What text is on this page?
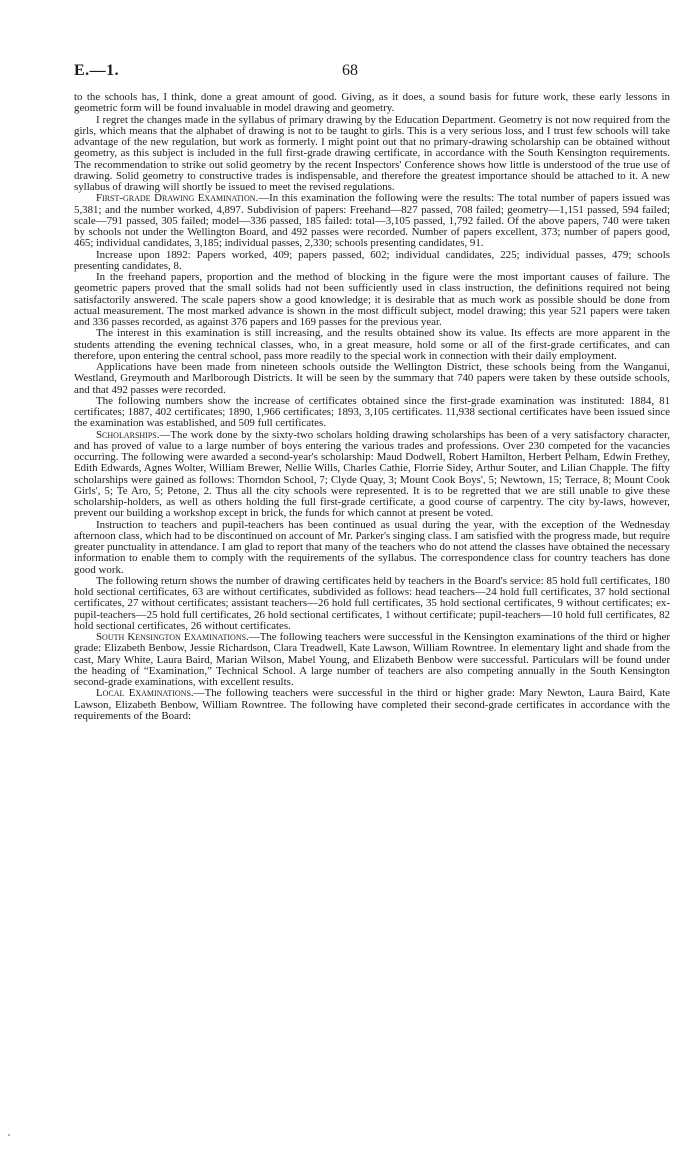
E.—1.	68

to the schools has, I think, done a great amount of good. Giving, as it does, a sound basis for future work, these early lessons in geometric form will be found invaluable in model drawing and geometry.

I regret the changes made in the syllabus of primary drawing by the Education Department. Geometry is not now required from the girls, which means that the alphabet of drawing is not to be taught to girls. This is a very serious loss, and I trust few schools will take advantage of the new regulation, but work as formerly. I might point out that no primary-drawing scholarship can be obtained without geometry, as this subject is included in the full first-grade drawing certificate, in accordance with the South Kensington requirements. The recommendation to strike out solid geometry by the recent Inspectors' Conference shows how little is understood of the true use of drawing. Solid geometry to constructive trades is indispensable, and therefore the greatest importance should be attached to it. A new syllabus of drawing will shortly be issued to meet the revised regulations.

First-grade Drawing Examination.—In this examination the following were the results: The total number of papers issued was 5,381; and the number worked, 4,897. Subdivision of papers: Freehand—827 passed, 708 failed; geometry—1,151 passed, 594 failed; scale—791 passed, 305 failed; model—336 passed, 185 failed: total—3,105 passed, 1,792 failed. Of the above papers, 740 were taken by schools not under the Wellington Board, and 492 passes were recorded. Number of papers excellent, 373; number of papers good, 465; individual candidates, 3,185; individual passes, 2,330; schools presenting candidates, 91.

Increase upon 1892: Papers worked, 409; papers passed, 602; individual candidates, 225; individual passes, 479; schools presenting candidates, 8.

In the freehand papers, proportion and the method of blocking in the figure were the most important causes of failure. The geometric papers proved that the small solids had not been sufficiently used in class instruction, the definitions required not being satisfactorily answered. The scale papers show a good knowledge; it is desirable that as much work as possible should be done from actual measurement. The most marked advance is shown in the most difficult subject, model drawing; this year 521 papers were taken and 336 passes recorded, as against 376 papers and 169 passes for the previous year.

The interest in this examination is still increasing, and the results obtained show its value. Its effects are more apparent in the students attending the evening technical classes, who, in a great measure, hold some or all of the first-grade certificates, and can therefore, upon entering the central school, pass more readily to the special work in connection with their daily employment.

Applications have been made from nineteen schools outside the Wellington District, these schools being from the Wanganui, Westland, Greymouth and Marlborough Districts. It will be seen by the summary that 740 papers were taken by these outside schools, and that 492 passes were recorded.

The following numbers show the increase of certificates obtained since the first-grade examination was instituted: 1884, 81 certificates; 1887, 402 certificates; 1890, 1,966 certificates; 1893, 3,105 certificates. 11,938 sectional certificates have been issued since the examination was established, and 509 full certificates.

Scholarships.—The work done by the sixty-two scholars holding drawing scholarships has been of a very satisfactory character, and has proved of value to a large number of boys entering the various trades and professions. Over 230 competed for the vacancies occurring. The following were awarded a second-year's scholarship: Maud Dodwell, Robert Hamilton, Herbert Pelham, Edwin Frethey, Edith Edwards, Agnes Wolter, William Brewer, Nellie Wills, Charles Cathie, Florrie Sidey, Arthur Souter, and Lilian Chapple. The fifty scholarships were gained as follows: Thorndon School, 7; Clyde Quay, 3; Mount Cook Boys', 5; Newtown, 15; Terrace, 8; Mount Cook Girls', 5; Te Aro, 5; Petone, 2. Thus all the city schools were represented. It is to be regretted that we are still unable to give these scholarship-holders, as well as others holding the full first-grade certificate, a good course of carpentry. The city by-laws, however, prevent our building a workshop except in brick, the funds for which cannot at present be voted.

Instruction to teachers and pupil-teachers has been continued as usual during the year, with the exception of the Wednesday afternoon class, which had to be discontinued on account of Mr. Parker's singing class. I am satisfied with the progress made, but require greater punctuality in attendance. I am glad to report that many of the teachers who do not attend the classes have obtained the necessary information to enable them to comply with the requirements of the syllabus. The correspondence class for country teachers has done good work.

The following return shows the number of drawing certificates held by teachers in the Board's service: 85 hold full certificates, 180 hold sectional certificates, 63 are without certificates, subdivided as follows: head teachers—24 hold full certificates, 37 hold sectional certificates, 27 without certificates; assistant teachers—26 hold full certificates, 35 hold sectional certificates, 9 without certificates; ex-pupil-teachers—25 hold full certificates, 26 hold sectional certificates, 1 without certificate; pupil-teachers—10 hold full certificates, 82 hold sectional certificates, 26 without certificates.

South Kensington Examinations.—The following teachers were successful in the Kensington examinations of the third or higher grade: Elizabeth Benbow, Jessie Richardson, Clara Treadwell, Kate Lawson, William Rowntree. In elementary light and shade from the cast, Mary White, Laura Baird, Marian Wilson, Mabel Young, and Elizabeth Benbow were successful. Particulars will be found under the heading of “Examination,” Technical School. A large number of teachers are also competing annually in the South Kensington second-grade examinations, with excellent results.

Local Examinations.—The following teachers were successful in the third or higher grade: Mary Newton, Laura Baird, Kate Lawson, Elizabeth Benbow, William Rowntree. The following have completed their second-grade certificates in accordance with the requirements of the Board:
